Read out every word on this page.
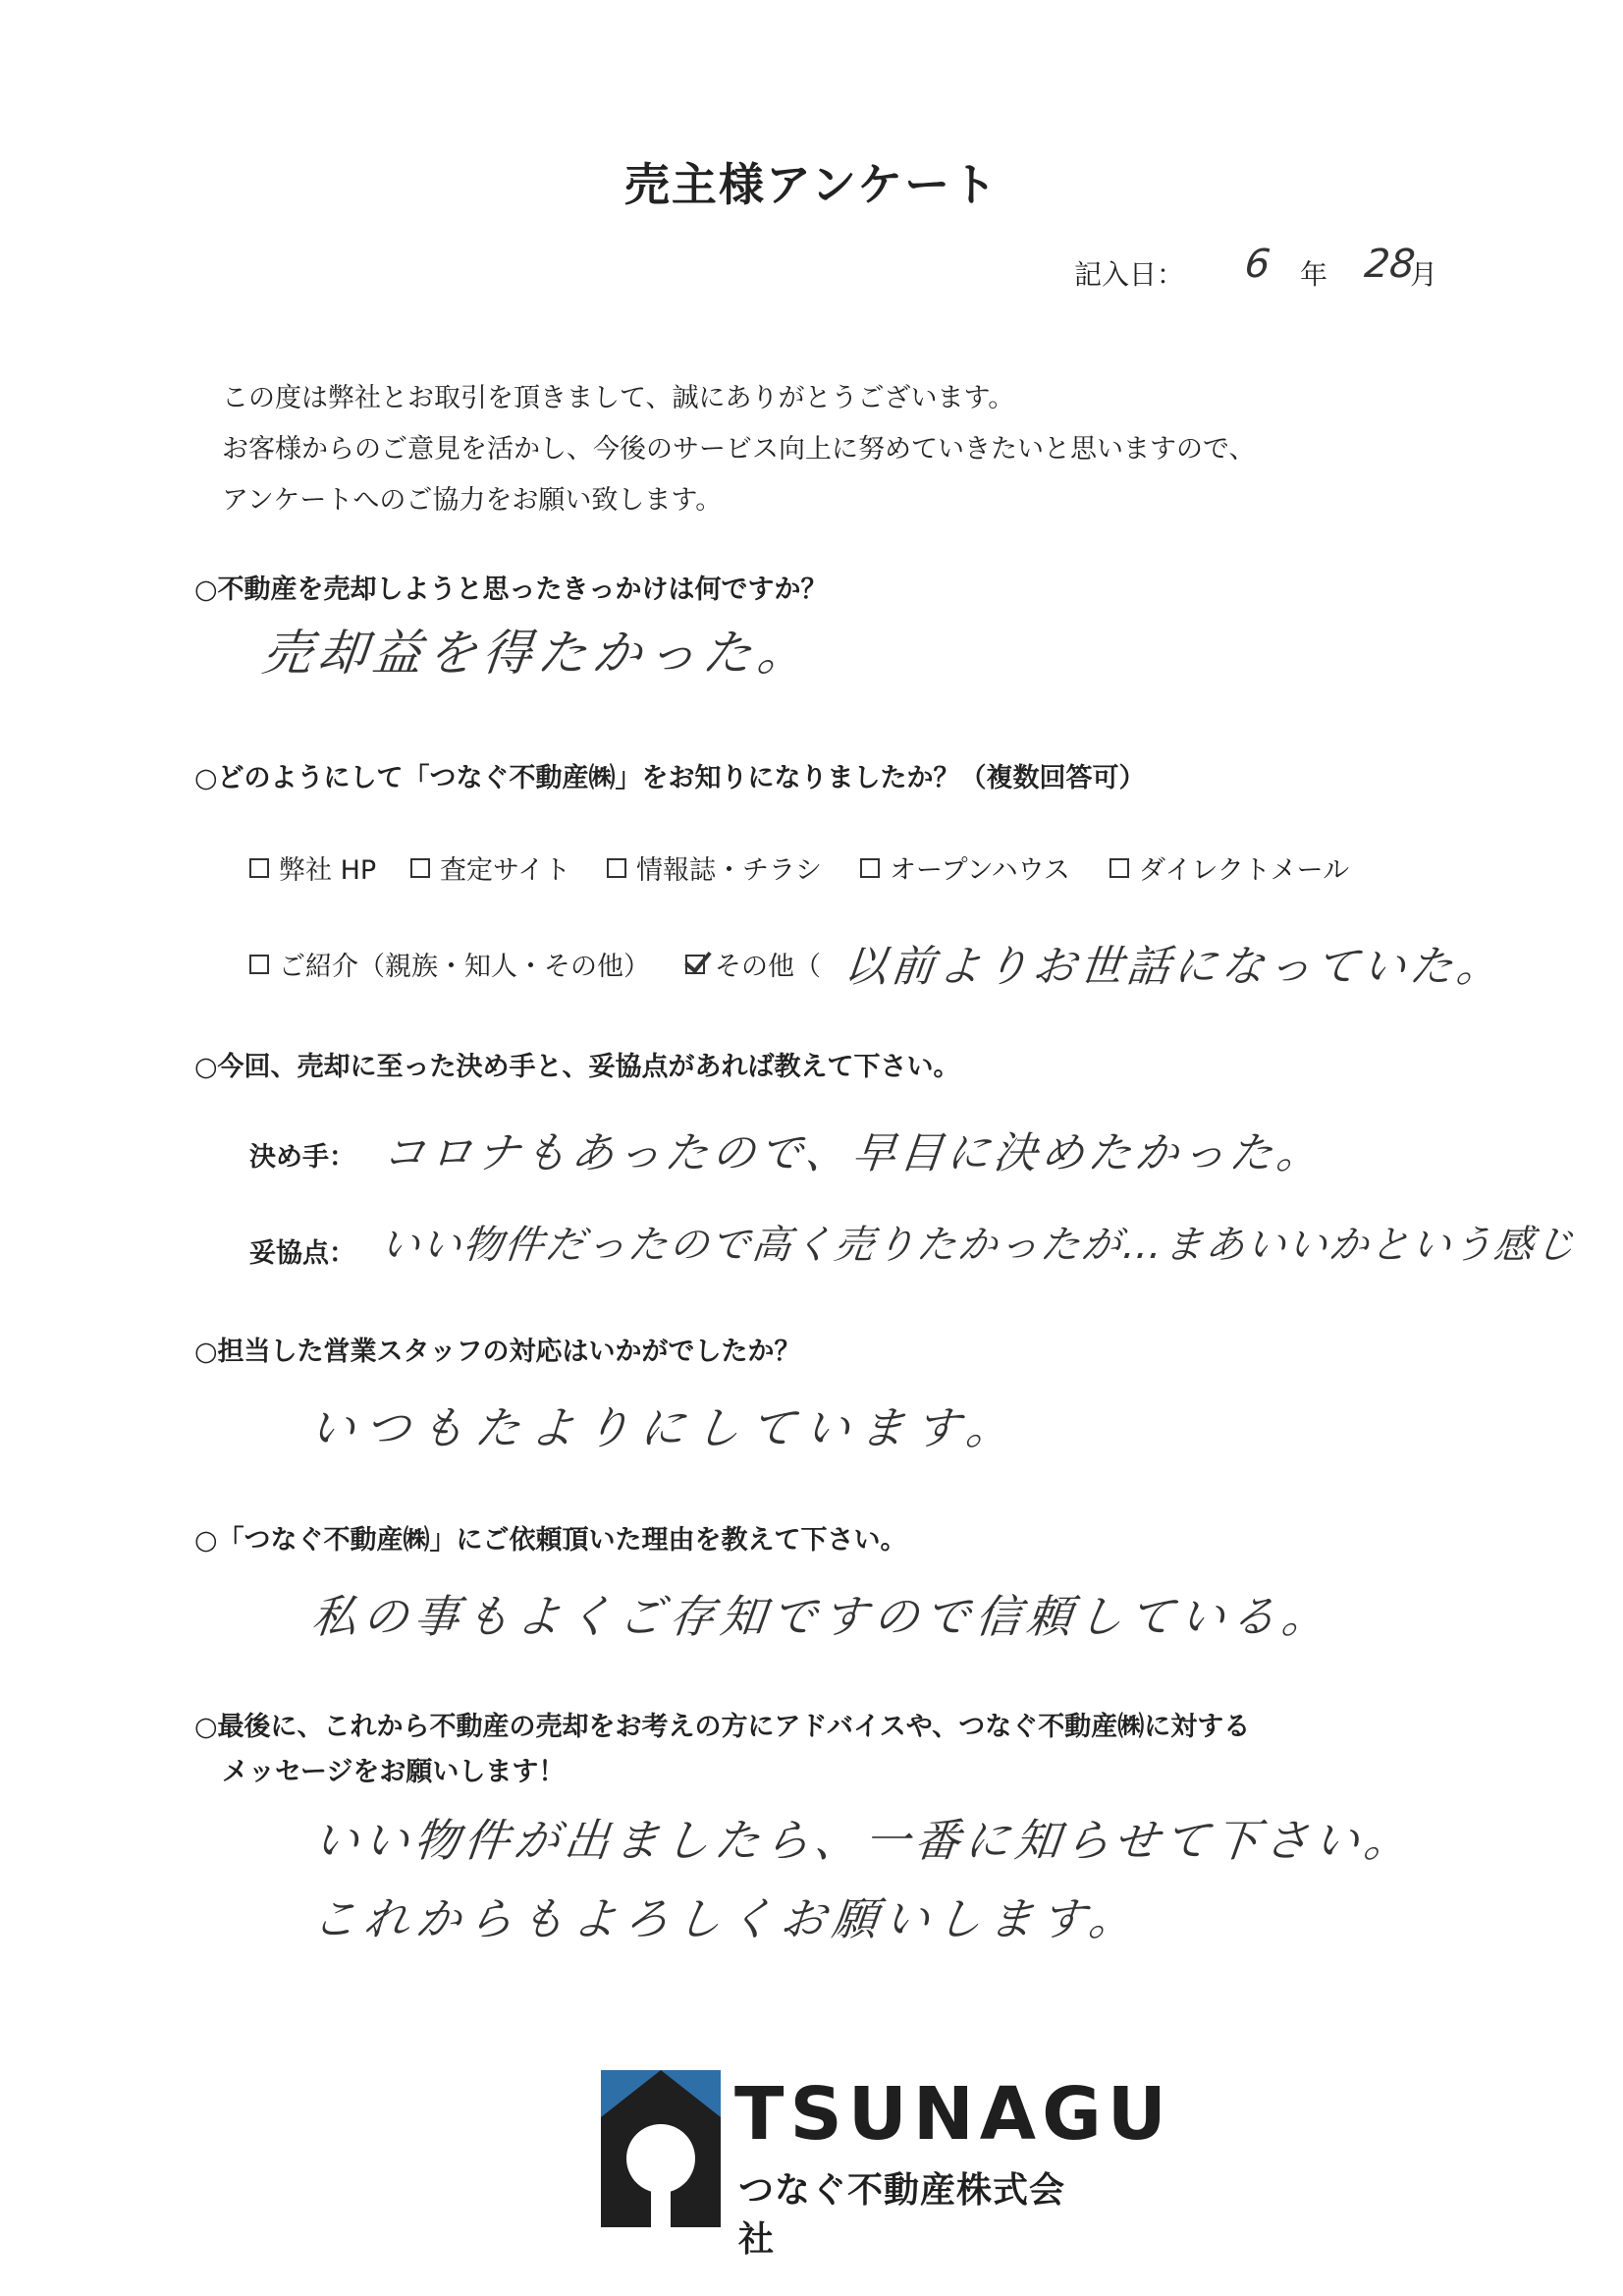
売主様アンケート
記入日： 6 年 28
月
この度は弊社とお取引を頂きまして、誠にありがとうございます。
お客様からのご意見を活かし、今後のサービス向上に努めていきたいと思いますので、
アンケートへのご協力をお願い致します。
○不動産を売却しようと思ったきっかけは何ですか？
売却益を得たかった。
○どのようにして「つなぐ不動産㈱」をお知りになりましたか？（複数回答可）
弊社 HP 査定サイト 情報誌・チラシ	オープンハウス	ダイレクトメール
ご紹介（親族・知人・その他） その他（ 以前よりお世話になっていた。
○今回、売却に至った決め手と、妥協点があれば教えて下さい。
決め手： コロナもあったので、早目に決めたかった。
妥協点： いい物件だったので高く売りたかったが…まあいいかという感じ
○担当した営業スタッフの対応はいかがでしたか？
いつもたよりにしています。
○「つなぐ不動産㈱」にご依頼頂いた理由を教えて下さい。
私の事もよくご存知ですので信頼している。
○最後に、これから不動産の売却をお考えの方にアドバイスや、つなぐ不動産㈱に対する
メッセージをお願いします！
いい物件が出ましたら、一番に知らせて下さい。
これからもよろしくお願いします。
TSUNAGU
つなぐ不動産株式会社
